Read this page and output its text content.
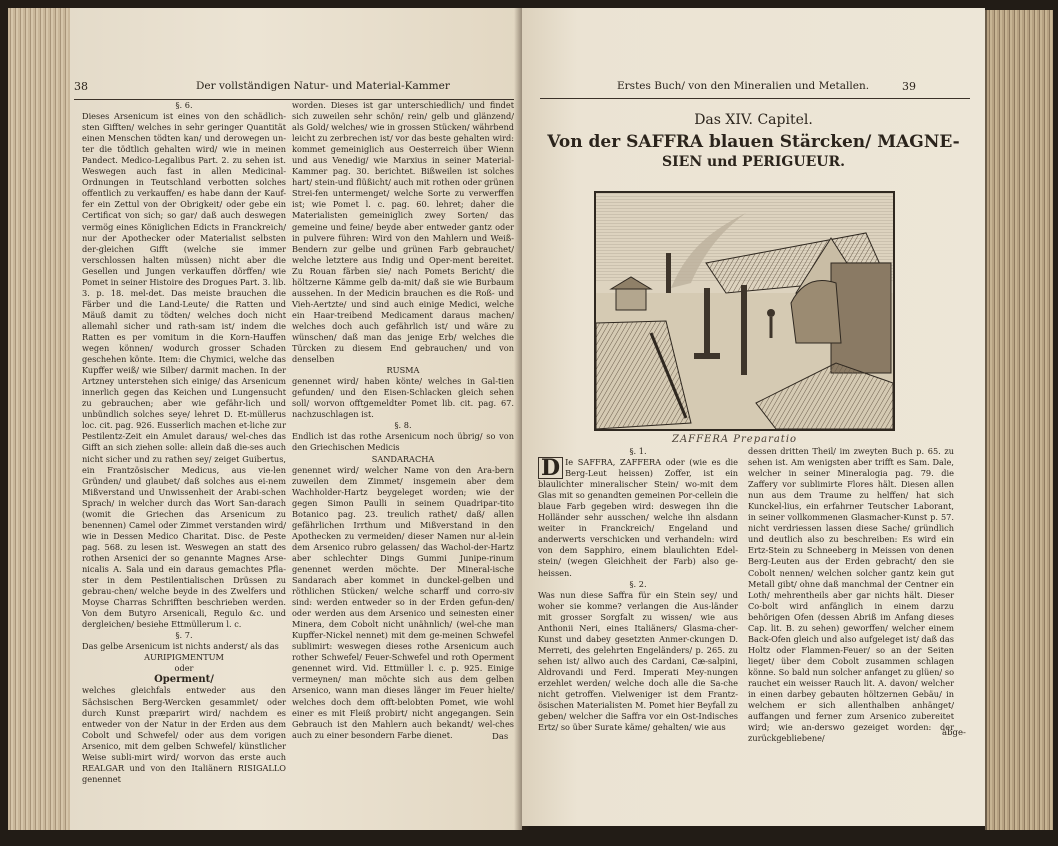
38	Der vollständigen Natur- und Material-Kammer
§. 6.

Dieses Arsenicum ist eines von den schädlich-sten Gifften/ welches in sehr geringer Quantität einen Menschen tödten kan/ und derowegen un-ter die tödtlich gehalten wird/ wie in meinen Pandect. Medico-Legalibus Part. 2. zu sehen ist. Weswegen auch fast in allen Medicinal-Ordnungen in Teutschland verbotten solches offentlich zu verkauffen/ es habe dann der Kauf-fer ein Zettul von der Obrigkeit/ oder gebe ein Certificat von sich; so gar/ daß auch deswegen vermög eines Königlichen Edicts in Franckreich/ nur der Apothecker oder Materialist selbsten der-gleichen Gifft (welche sie immer verschlossen halten müssen) nicht aber die Gesellen und Jungen verkauffen dörffen/ wie Pomet in seiner Histoire des Drogues Part. 3. lib. 3. p. 18. mel-det. Das meiste brauchen die Färber und die Land-Leute/ die Ratten und Mäuß damit zu tödten/ welches doch nicht allemahl sicher und rath-sam ist/ indem die Ratten es per vomitum in die Korn-Hauffen wegen können/ wodurch grosser Schaden geschehen könte. Item: die Chymici, welche das Kupffer weiß/ wie Silber/ darmit machen. In der Artzney unterstehen sich einige/ das Arsenicum innerlich gegen das Keichen und Lungensucht zu gebrauchen; aber wie gefähr-lich und unbündlich solches seye/ lehret D. Et-müllerus loc. cit. pag. 926. Eusserlich machen et-liche zur Pestilentz-Zeit ein Amulet daraus/ wel-ches das Gifft an sich ziehen solle: allein daß die-ses auch nicht sicher und zu rathen sey/ zeiget Guibertus, ein Frantzösischer Medicus, aus vie-len Gründen/ und glaubet/ daß solches aus ei-nem Mißverstand und Unwissenheit der Arabi-schen Sprach/ in welcher durch das Wort San-darach (womit die Griechen das Arsenicum zu benennen) Camel oder Zimmet verstanden wird/ wie in Dessen Medico Charitat. Disc. de Peste pag. 568. zu lesen ist. Weswegen an statt des rothen Arsenici der so genannte Magnes Arse-nicalis A. Sala und ein daraus gemachtes Pfla-ster in dem Pestilentialischen Drüssen zu gebrau-chen/ welche beyde in des Zwelfers und Moyse Charras Schrifften beschrieben werden. Von dem Butyro Arsenicali, Regulo &c. und dergleichen/ besiehe Ettmüllerum l. c.

§. 7.

Das gelbe Arsenicum ist nichts anderst/ als das

AURIPIGMENTUM
oder
Operment/

welches gleichfals entweder aus den Sächsischen Berg-Wercken gesammlet/ oder durch Kunst præparirt wird/ nachdem es entweder von der Natur in der Erden aus dem Cobolt und Schwefel/ oder aus dem vorigen Arsenico, mit dem gelben Schwefel/ künstlicher Weise subli-mirt wird/ worvon das erste auch REALGAR und von den Italiänern RISIGALLO genennet

worden. Dieses ist gar unterschiedlich/ und findet sich zuweilen sehr schön/ rein/ gelb und glänzend/ als Gold/ welches/ wie in grossen Stücken/ währbend leicht zu zerbrechen ist/ vor das beste gehalten wird: kommet gemeiniglich aus Oesterreich über Wienn und aus Venedig/ wie Marxius in seiner Material-Kammer pag. 30. berichtet. Bißweilen ist solches hart/ stein-und flüßicht/ auch mit rothen oder grünen Strei-fen untermenget/ welche Sorte zu verwerffen ist; wie Pomet l. c. pag. 60. lehret; daher die Materialisten gemeiniglich zwey Sorten/ das gemeine und feine/ beyde aber entweder gantz oder in pulvere führen: Wird von den Mahlern und Weiß-Bendern zur gelbe und grünen Farb gebrauchet/ welche letztere aus Indig und Oper-ment bereitet. Zu Rouan färben sie/ nach Pomets Bericht/ die höltzerne Kämme gelb da-mit/ daß sie wie Burbaum aussehen. In der Medicin brauchen es die Roß- und Vieh-Aertzte/ und sind auch einige Medici, welche ein Haar-treibend Medicament daraus machen/ welches doch auch gefährlich ist/ und wäre zu wünschen/ daß man das jenige Erb/ welches die Türcken zu diesem End gebrauchen/ und von denselben

RUSMA

genennet wird/ haben könte/ welches in Gal-tien gefunden/ und den Eisen-Schlacken gleich sehen soll/ worvon offtgemeldter Pomet lib. cit. pag. 67. nachzuschlagen ist.

§. 8.

Endlich ist das rothe Arsenicum noch übrig/ so von den Griechischen Medicis

SANDARACHA

genennet wird/ welcher Name von den Ara-bern zuweilen dem Zimmet/ insgemein aber dem Wachholder-Hartz beygeleget worden; wie der gegen Simon Paulli in seinem Quadripar-tito Botanico pag. 23. treulich rathet/ daß/ allen gefährlichen Irrthum und Mißverstand in den Apothecken zu vermeiden/ dieser Namen nur al-lein dem Arsenico rubro gelassen/ das Wachol-der-Hartz aber schlechter Dings Gummi Junipe-rinum genennet werden möchte. Der Mineral-ische Sandarach aber kommet in dunckel-gelben und röthlichen Stücken/ welche scharff und corro-siv sind: werden entweder so in der Erden gefun-den/ oder werden aus dem Arsenico und seinesten einer Minera, dem Cobolt nicht unähnlich/ (wel-che man Kupffer-Nickel nennet) mit dem ge-meinen Schwefel sublimirt: weswegen dieses rothe Arsenicum auch rother Schwefel/ Feuer-Schwefel und roth Operment genennet wird. Vid. Ettmüller l. c. p. 925. Einige vermeynen/ man möchte sich aus dem gelben Arsenico, wann man dieses länger im Feuer hielte/ welches doch dem offt-belobten Pomet, wie wohl einer es mit Fleiß probirt/ nicht angegangen. Sein Gebrauch ist den Mahlern auch bekandt/ wel-ches auch zu einer besondern Farbe dienet.	Das
Erstes Buch/ von den Mineralien und Metallen.	39
Das XIV. Capitel.
Von der SAFFRA blauen Stärcken/ MAGNE-
SIEN und PERIGUEUR.
ZAFFERA Preparatio
§. 1.
D Ie SAFFRA, ZAFFERA oder (wie es die Berg-Leut heissen) Zoffer, ist ein blaulichter mineralischer Stein/ wo-mit dem Glas mit so genandten gemeinen Por-cellein die blaue Farb gegeben wird: deswegen ihn die Holländer sehr ausschen/ welche ihn alsdann weiter in Franckreich/ Engeland und anderwerts verschicken und verhandeln: wird von dem Sapphiro, einem blaulichten Edel-stein/ (wegen Gleichheit der Farb) also ge-heissen.

§. 2.

Was nun diese Saffra für ein Stein sey/ und woher sie komme? verlangen die Aus-länder mit grosser Sorgfalt zu wissen/ wie aus Anthonii Neri, eines Italiäners/ Glasma-cher-Kunst und dabey gesetzten Anmer-ckungen D. Merreti, des gelehrten Engeländers/ p. 265. zu sehen ist/ allwo auch des Cardani, Cæ-salpini, Aldrovandi und Ferd. Imperati Mey-nungen erzehlet werden/ welche doch alle die Sa-che nicht getroffen. Vielweniger ist dem Frantz-ösischen Materialisten M. Pomet hier Beyfall zu geben/ welcher die Saffra vor ein Ost-Indisches Ertz/ so über Surate käme/ gehalten/ wie aus

dessen dritten Theil/ im zweyten Buch p. 65. zu sehen ist. Am wenigsten aber trifft es Sam. Dale, welcher in seiner Mineralogia pag. 79. die Zaffery vor sublimirte Flores hält. Diesen allen nun aus dem Traume zu helffen/ hat sich Kunckel-lius, ein erfahrner Teutscher Laborant, in seiner vollkommenen Glasmacher-Kunst p. 57. nicht verdriessen lassen diese Sache/ gründlich und deutlich also zu beschreiben: Es wird ein Ertz-Stein zu Schneeberg in Meissen von denen Berg-Leuten aus der Erden gebracht/ den sie Cobolt nennen/ welchen solcher gantz kein gut Metall gibt/ ohne daß manchmal der Centner ein Loth/ mehrentheils aber gar nichts hält. Dieser Co-bolt wird anfänglich in einem darzu behörigen Ofen (dessen Abriß im Anfang dieses Cap. lit. B. zu sehen) geworffen/ welcher einem Back-Ofen gleich und also aufgeleget ist/ daß das Holtz oder Flammen-Feuer/ so an der Seiten lieget/ über dem Cobolt zusammen schlagen könne. So bald nun solcher anfanget zu glüen/ so rauchet ein weisser Rauch lit. A. davon/ welcher in einen darbey gebauten höltzernen Gebäu/ in welchem er sich allenthalben anhänget/ auffangen und ferner zum Arsenico zubereitet wird; wie an-derswo gezeiget worden: der zurückgebliebene/

abge-
